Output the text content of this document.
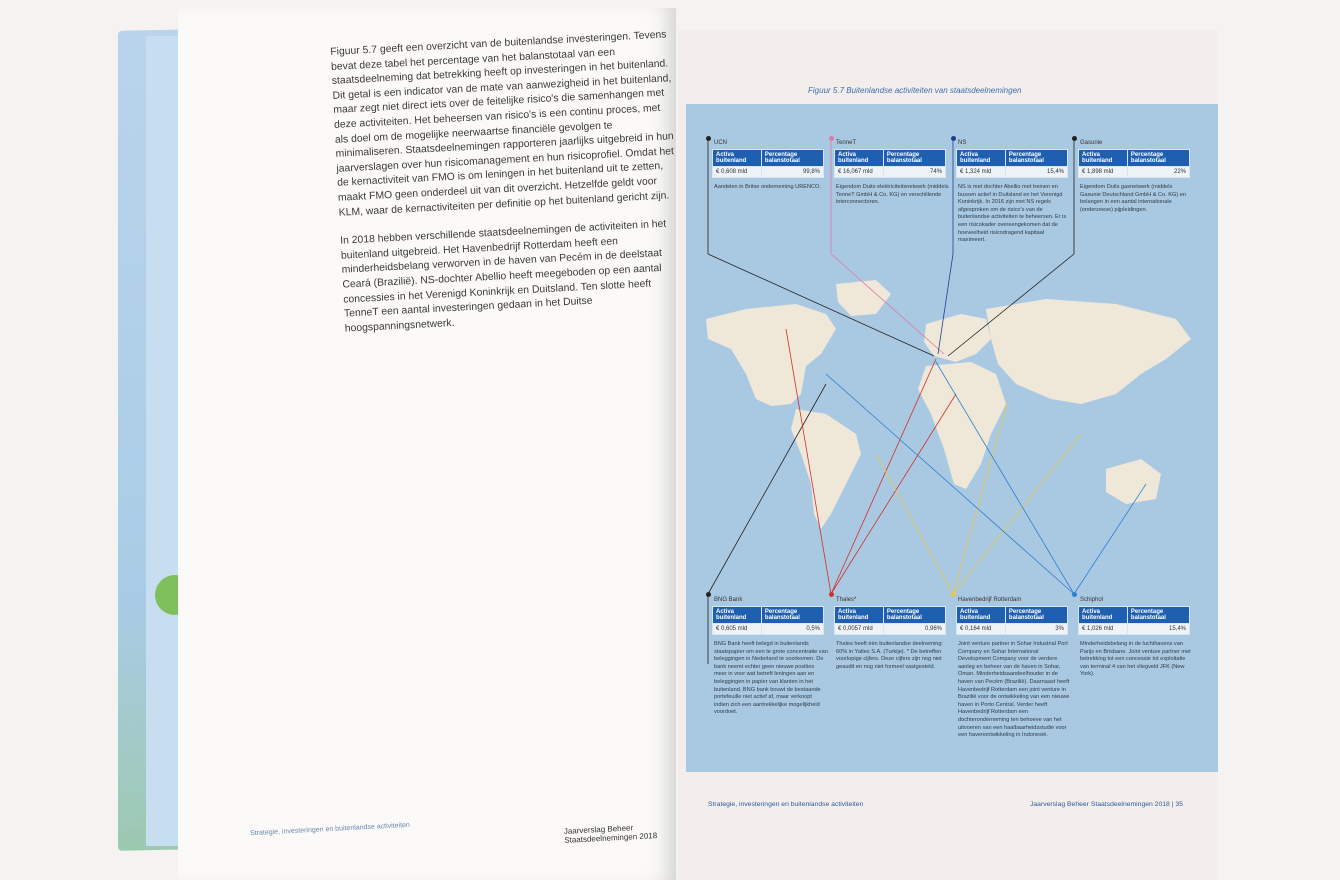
Figuur 5.7 geeft een overzicht van de buitenlandse investeringen. Tevens bevat deze tabel het percentage van het balanstotaal van een staatsdeelneming dat betrekking heeft op investeringen in het buitenland. Dit getal is een indicator van de mate van aanwezigheid in het buitenland, maar zegt niet direct iets over de feitelijke risico's die samenhangen met deze activiteiten. Het beheersen van risico's is een continu proces, met als doel om de mogelijke neerwaartse financiële gevolgen te minimaliseren. Staatsdeelnemingen rapporteren jaarlijks uitgebreid in hun jaarverslagen over hun risicomanagement en hun risicoprofiel. Omdat het de kernactiviteit van FMO is om leningen in het buitenland uit te zetten, maakt FMO geen onderdeel uit van dit overzicht. Hetzelfde geldt voor KLM, waar de kernactiviteiten per definitie op het buitenland gericht zijn.

In 2018 hebben verschillende staatsdeelnemingen de activiteiten in het buitenland uitgebreid. Het Havenbedrijf Rotterdam heeft een minderheidsbelang verworven in de haven van Pecém in de deelstaat Ceará (Brazilië). NS-dochter Abellio heeft meegeboden op een aantal concessies in het Verenigd Koninkrijk en Duitsland. Ten slotte heeft TenneT een aantal investeringen gedaan in het Duitse hoogspanningsnetwerk.

Strategie, investeringen en buitenlandse activiteiten	Jaarverslag Beheer Staatsdeelnemingen 2018
Figuur 5.7 Buitenlandse activiteiten van staatsdeelnemingen
UCN
Activa buitenland	Percentage balanstotaal
€ 0,608 mld	99,8%
Aandelen in Britse onderneming URENCO.
TenneT
Activa buitenland	Percentage balanstotaal
€ 16,067 mld	74%
Eigendom Duits elektriciteitsnetwerk (middels TenneT GmbH & Co. KG) en verschillende interconnectoren.
NS
Activa buitenland	Percentage balanstotaal
€ 1,324 mld	15,4%
NS is met dochter Abellio met treinen en bussen actief in Duitsland en het Verenigd Koninkrijk. In 2016 zijn met NS regels afgesproken om de risico's van de buitenlandse activiteiten te beheersen. Er is een risicokader overeengekomen dat de hoeveelheid risicodragend kapitaal maximeert.
Gasunie
Activa buitenland	Percentage balanstotaal
€ 1,898 mld	22%
Eigendom Duits gasnetwerk (middels Gasunie Deutschland GmbH & Co. KG) en belangen in een aantal internationale (onderzeese) pijpleidingen.
BNG Bank
Activa buitenland	Percentage balanstotaal
€ 0,605 mld	0,5%
BNG Bank heeft belegd in buitenlands staatspapier om een te grote concentratie van beleggingen in Nederland te voorkomen. De bank neemt echter geen nieuwe posities meer in voor wat betreft leningen aan en beleggingen in papier van klanten in het buitenland. BNG bank bouwt de bestaande portefeuille niet actief af, maar verkoopt indien zich een aantrekkelijke mogelijkheid voordoet.
Thales*
Activa buitenland	Percentage balanstotaal
€ 0,0057 mld	0,96%
Thales heeft één buitenlandse deelneming: 60% in Yaltes S.A. (Turkije). * De betreffen voorlopige cijfers. Deze cijfers zijn nog niet geaudit en nog niet formeel vastgesteld.
Havenbedrijf Rotterdam
Activa buitenland	Percentage balanstotaal
€ 0,164 mld	3%
Joint venture partner in Sohar Industrial Port Company en Sohar International Development Company voor de verdere aanleg en beheer van de haven in Sohar, Oman. Minderheidsaandeelhouder in de haven van Pecém (Brazilië). Daarnaast heeft Havenbedrijf Rotterdam een joint venture in Brazilië voor de ontwikkeling van een nieuwe haven in Porto Central. Verder heeft Havenbedrijf Rotterdam een dochteronderneming ten behoeve van het uitvoeren van een haalbaarheidsstudie voor een havenontwikkeling in Indonesië.
Schiphol
Activa buitenland	Percentage balanstotaal
€ 1,026 mld	15,4%
Minderheidsbelang in de luchthavens van Parijs en Brisbane. Joint venture partner met betrekking tot een concessie tot exploitatie van terminal 4 van het vliegveld JFK (New York).
Strategie, investeringen en buitenlandse activiteiten	Jaarverslag Beheer Staatsdeelnemingen 2018 | 35
